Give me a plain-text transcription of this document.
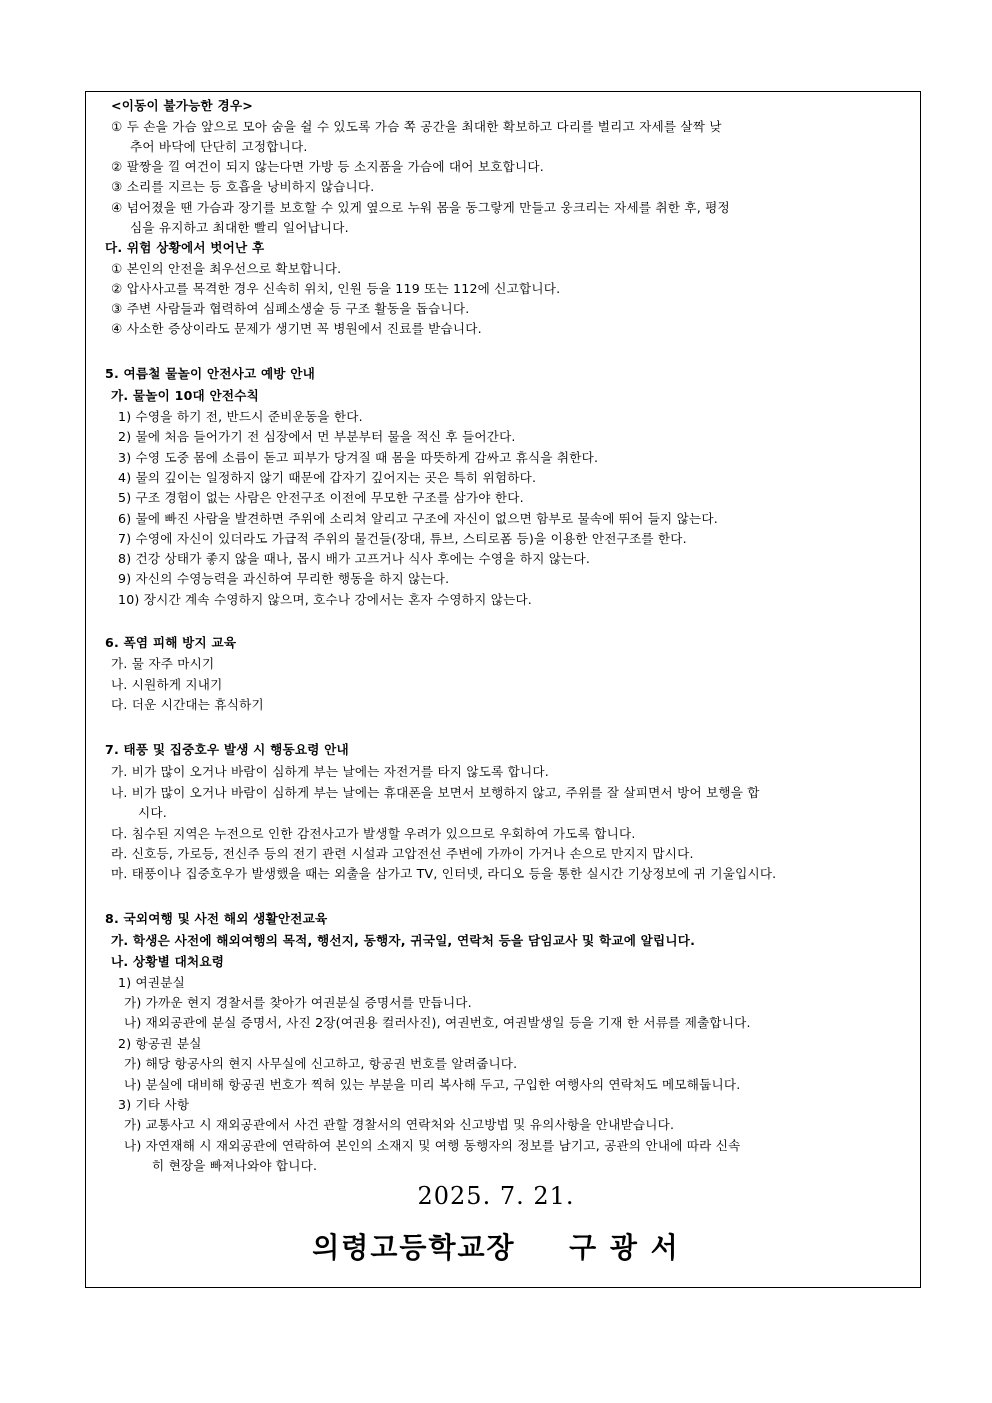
<이동이 불가능한 경우>
① 두 손을 가슴 앞으로 모아 숨을 쉴 수 있도록 가슴 쪽 공간을 최대한 확보하고 다리를 벌리고 자세를 살짝 낮
추어 바닥에 단단히 고정합니다.
② 팔짱을 낄 여건이 되지 않는다면 가방 등 소지품을 가슴에 대어 보호합니다.
③ 소리를 지르는 등 호흡을 낭비하지 않습니다.
④ 넘어졌을 땐 가슴과 장기를 보호할 수 있게 옆으로 누워 몸을 동그랗게 만들고 웅크리는 자세를 취한 후, 평정
심을 유지하고 최대한 빨리 일어납니다.
다. 위험 상황에서 벗어난 후
① 본인의 안전을 최우선으로 확보합니다.
② 압사사고를 목격한 경우 신속히 위치, 인원 등을 119 또는 112에 신고합니다.
③ 주변 사람들과 협력하여 심폐소생술 등 구조 활동을 돕습니다.
④ 사소한 증상이라도 문제가 생기면 꼭 병원에서 진료를 받습니다.
5. 여름철 물놀이 안전사고 예방 안내
가. 물놀이 10대 안전수칙
1) 수영을 하기 전, 반드시 준비운동을 한다.
2) 물에 처음 들어가기 전 심장에서 먼 부분부터 물을 적신 후 들어간다.
3) 수영 도중 몸에 소름이 돋고 피부가 당겨질 때 몸을 따뜻하게 감싸고 휴식을 취한다.
4) 물의 깊이는 일정하지 않기 때문에 갑자기 깊어지는 곳은 특히 위험하다.
5) 구조 경험이 없는 사람은 안전구조 이전에 무모한 구조를 삼가야 한다.
6) 물에 빠진 사람을 발견하면 주위에 소리쳐 알리고 구조에 자신이 없으면 함부로 물속에 뛰어 들지 않는다.
7) 수영에 자신이 있더라도 가급적 주위의 물건들(장대, 튜브, 스티로폼 등)을 이용한 안전구조를 한다.
8) 건강 상태가 좋지 않을 때나, 몹시 배가 고프거나 식사 후에는 수영을 하지 않는다.
9) 자신의 수영능력을 과신하여 무리한 행동을 하지 않는다.
10) 장시간 계속 수영하지 않으며, 호수나 강에서는 혼자 수영하지 않는다.
6. 폭염 피해 방지 교육
가. 물 자주 마시기
나. 시원하게 지내기
다. 더운 시간대는 휴식하기
7. 태풍 및 집중호우 발생 시 행동요령 안내
가. 비가 많이 오거나 바람이 심하게 부는 날에는 자전거를 타지 않도록 합니다.
나. 비가 많이 오거나 바람이 심하게 부는 날에는 휴대폰을 보면서 보행하지 않고, 주위를 잘 살피면서 방어 보행을 합
시다.
다. 침수된 지역은 누전으로 인한 감전사고가 발생할 우려가 있으므로 우회하여 가도록 합니다.
라. 신호등, 가로등, 전신주 등의 전기 관련 시설과 고압전선 주변에 가까이 가거나 손으로 만지지 맙시다.
마. 태풍이나 집중호우가 발생했을 때는 외출을 삼가고 TV, 인터넷, 라디오 등을 통한 실시간 기상정보에 귀 기울입시다.
8. 국외여행 및 사전 해외 생활안전교육
가. 학생은 사전에 해외여행의 목적, 행선지, 동행자, 귀국일, 연락처 등을 담임교사 및 학교에 알립니다.
나. 상황별 대처요령
1) 여권분실
가) 가까운 현지 경찰서를 찾아가 여권분실 증명서를 만듭니다.
나) 재외공관에 분실 증명서, 사진 2장(여권용 컬러사진), 여권번호, 여권발생일 등을 기재 한 서류를 제출합니다.
2) 항공권 분실
가) 해당 항공사의 현지 사무실에 신고하고, 항공권 번호를 알려줍니다.
나) 분실에 대비해 항공권 번호가 찍혀 있는 부분을 미리 복사해 두고, 구입한 여행사의 연락처도 메모해둡니다.
3) 기타 사항
가) 교통사고 시 재외공관에서 사건 관할 경찰서의 연락처와 신고방법 및 유의사항을 안내받습니다.
나) 자연재해 시 재외공관에 연락하여 본인의 소재지 및 여행 동행자의 정보를 남기고, 공관의 안내에 따라 신속
히 현장을 빠져나와야 합니다.
2025. 7. 21.
의령고등학교장 구 광 서
